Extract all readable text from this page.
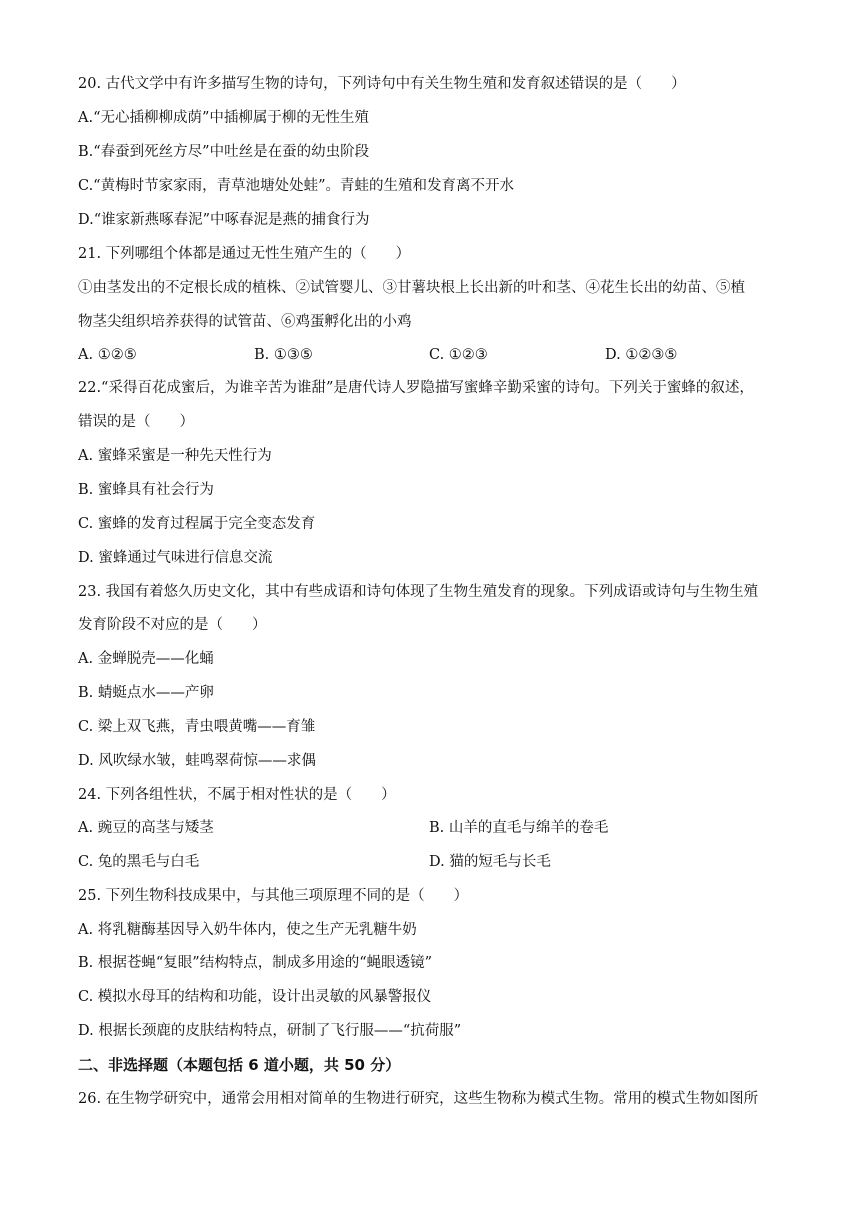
20. 古代文学中有许多描写生物的诗句，下列诗句中有关生物生殖和发育叙述错误的是（　　）
A.“无心插柳柳成荫”中插柳属于柳的无性生殖
B.“春蚕到死丝方尽”中吐丝是在蚕的幼虫阶段
C.“黄梅时节家家雨，青草池塘处处蛙”。青蛙的生殖和发育离不开水
D.“谁家新燕啄春泥”中啄春泥是燕的捕食行为
21. 下列哪组个体都是通过无性生殖产生的（　　）
①由茎发出的不定根长成的植株、②试管婴儿、③甘薯块根上长出新的叶和茎、④花生长出的幼苗、⑤植
物茎尖组织培养获得的试管苗、⑥鸡蛋孵化出的小鸡
A. ①②⑤	B. ①③⑤	C. ①②③	D. ①②③⑤
22.“采得百花成蜜后，为谁辛苦为谁甜”是唐代诗人罗隐描写蜜蜂辛勤采蜜的诗句。下列关于蜜蜂的叙述，
错误的是（　　）
A. 蜜蜂采蜜是一种先天性行为
B. 蜜蜂具有社会行为
C. 蜜蜂的发育过程属于完全变态发育
D. 蜜蜂通过气味进行信息交流
23. 我国有着悠久历史文化，其中有些成语和诗句体现了生物生殖发育的现象。下列成语或诗句与生物生殖
发育阶段不对应的是（　　）
A. 金蝉脱壳——化蛹
B. 蜻蜓点水——产卵
C. 梁上双飞燕，青虫喂黄嘴——育雏
D. 风吹绿水皱，蛙鸣翠荷惊——求偶
24. 下列各组性状，不属于相对性状的是（　　）
A. 豌豆的高茎与矮茎	B. 山羊的直毛与绵羊的卷毛
C. 兔的黑毛与白毛	D. 猫的短毛与长毛
25. 下列生物科技成果中，与其他三项原理不同的是（　　）
A. 将乳糖酶基因导入奶牛体内，使之生产无乳糖牛奶
B. 根据苍蝇“复眼”结构特点，制成多用途的“蝇眼透镜”
C. 模拟水母耳的结构和功能，设计出灵敏的风暴警报仪
D. 根据长颈鹿的皮肤结构特点，研制了飞行服——“抗荷服”
二、非选择题（本题包括 6 道小题，共 50 分）
26. 在生物学研究中，通常会用相对简单的生物进行研究，这些生物称为模式生物。常用的模式生物如图所
